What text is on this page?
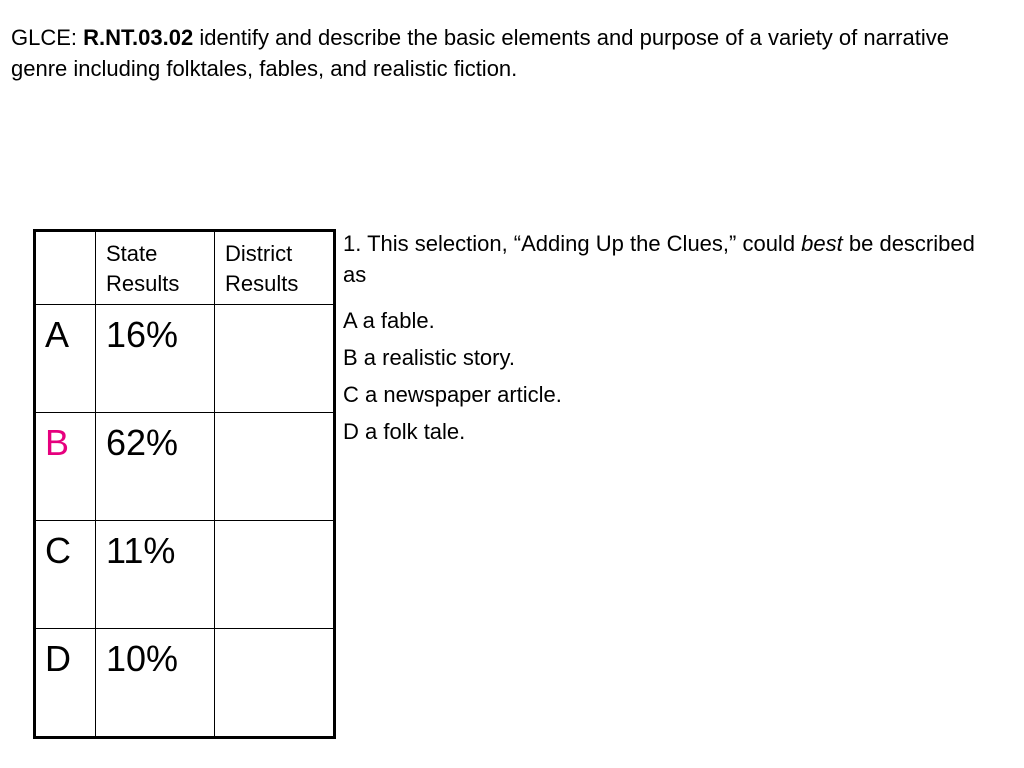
GLCE: R.NT.03.02 identify and describe the basic elements and purpose of a variety of narrative genre including folktales, fables, and realistic fiction.

	State Results	District Results

A	16%	

B	62%	

C	11%	

D	10%	

1. This selection, “Adding Up the Clues,” could best be described as
A a fable.
B a realistic story.
C a newspaper article.
D a folk tale.
